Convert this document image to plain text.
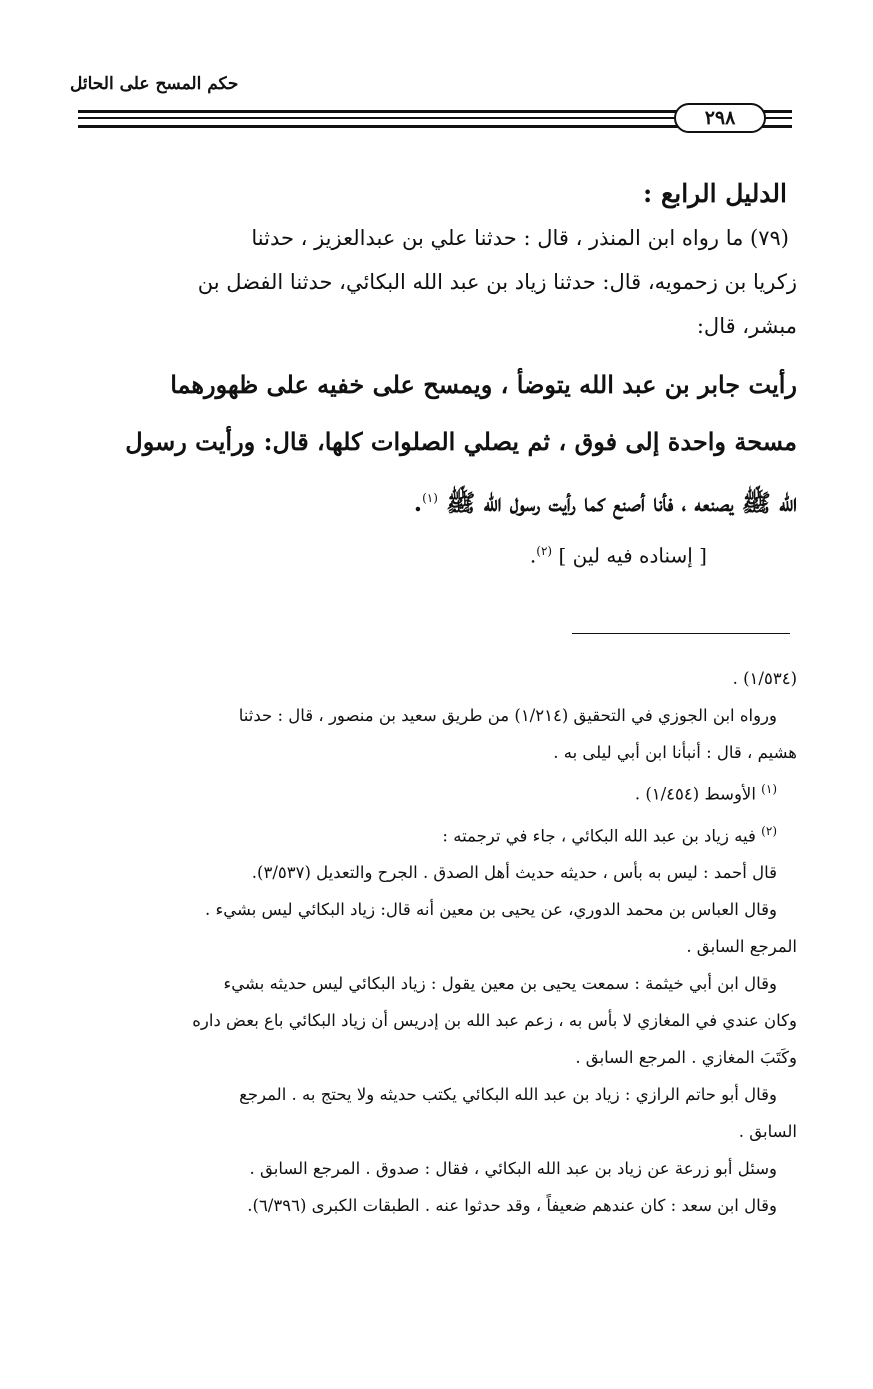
حكم المسح على الحائل
٢٩٨
الدليل الرابع :

(٧٩) ما رواه ابن المنذر ، قال : حدثنا علي بن عبدالعزيز ، حدثنا

زكريا بن زحمويه، قال: حدثنا زياد بن عبد الله البكائي، حدثنا الفضل بن

مبشر، قال:

رأيت جابر بن عبد الله يتوضأ ، ويمسح على خفيه على ظهورهما

مسحة واحدة إلى فوق ، ثم يصلي الصلوات كلها، قال: ورأيت رسول

الله ﷺ يصنعه ، فأنا أصنع كما رأيت رسول الله ﷺ $^{(١)}$.

[ إسناده فيه لين ] $^{(٢)}$.

(١/٥٣٤) .

ورواه ابن الجوزي في التحقيق (١/٢١٤) من طريق سعيد بن منصور ، قال : حدثنا

هشيم ، قال : أنبأنا ابن أبي ليلى به .

$^{(١)}$ الأوسط (١/٤٥٤) .

$^{(٢)}$ فيه زياد بن عبد الله البكائي ، جاء في ترجمته :

قال أحمد : ليس به بأس ، حديثه حديث أهل الصدق . الجرح والتعديل (٣/٥٣٧).

وقال العباس بن محمد الدوري، عن يحيى بن معين أنه قال: زياد البكائي ليس بشيء .

المرجع السابق .

وقال ابن أبي خيثمة : سمعت يحيى بن معين يقول : زياد البكائي ليس حديثه بشيء

وكان عندي في المغازي لا بأس به ، زعم عبد الله بن إدريس أن زياد البكائي باع بعض داره

وكَتَبَ المغازي . المرجع السابق .

وقال أبو حاتم الرازي : زياد بن عبد الله البكائي يكتب حديثه ولا يحتج به . المرجع

السابق .

وسئل أبو زرعة عن زياد بن عبد الله البكائي ، فقال : صدوق . المرجع السابق .

وقال ابن سعد : كان عندهم ضعيفاً ، وقد حدثوا عنه . الطبقات الكبرى (٦/٣٩٦).
